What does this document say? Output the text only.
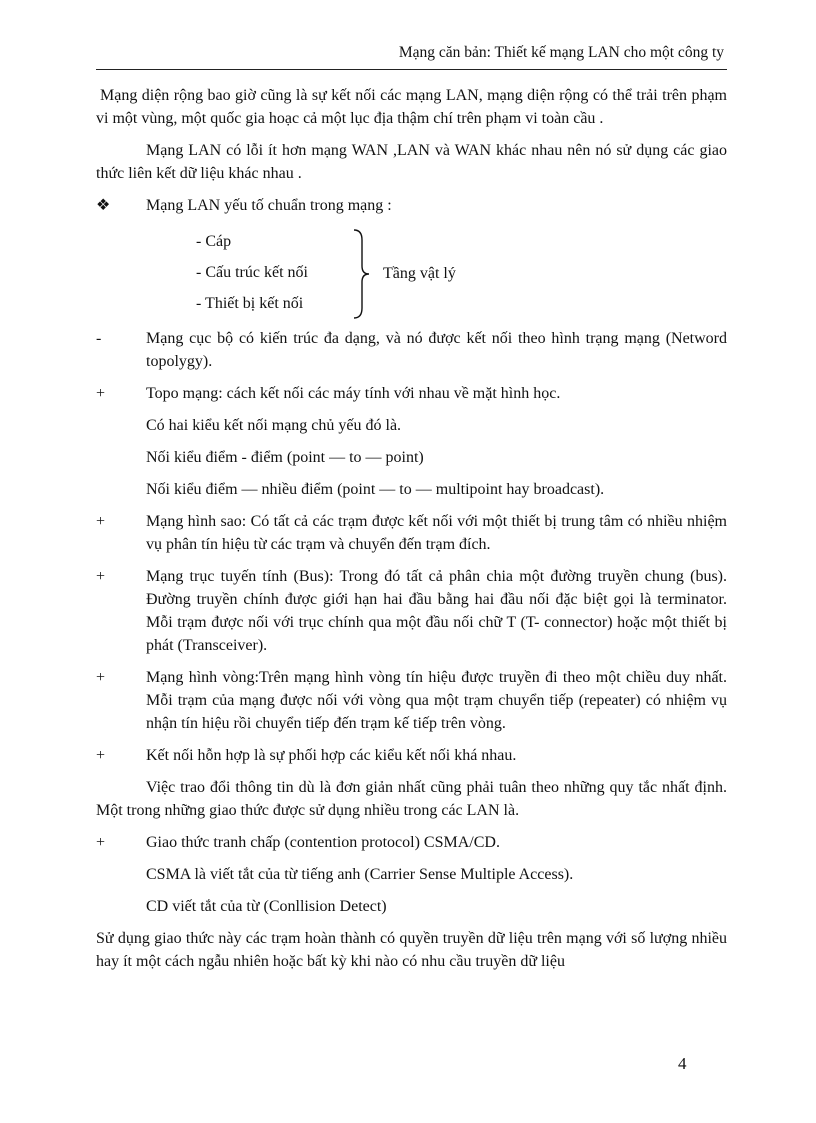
Mạng căn bản: Thiết kế mạng LAN cho một công ty

Mạng diện rộng bao giờ cũng là sự kết nối các mạng LAN, mạng diện rộng có thể trải trên phạm vi một vùng, một quốc gia hoạc cả một lục địa thậm chí trên phạm vi toàn cầu .

Mạng LAN có lỗi ít hơn mạng WAN ,LAN và WAN khác nhau nên nó sử dụng các giao thức liên kết dữ liệu khác nhau .

❖	Mạng LAN yếu tố chuẩn trong mạng :
- Cáp
- Cấu trúc kết nối
- Thiết bị kết nối
Tầng vật lý
-	Mạng cục bộ có kiến trúc đa dạng, và nó được kết nối theo hình trạng mạng (Netword topolygy).
+	Topo mạng: cách kết nối các máy tính với nhau về mặt hình học.
Có hai kiểu kết nối mạng chủ yếu đó là.
Nối kiểu điểm - điểm (point — to — point)
Nối kiểu điểm — nhiều điểm (point — to — multipoint hay broadcast).
+	Mạng hình sao: Có tất cả các trạm được kết nối với một thiết bị trung tâm có nhiều nhiệm vụ phân tín hiệu từ các trạm và chuyển đến trạm đích.
+	Mạng trục tuyến tính (Bus): Trong đó tất cả phân chia một đường truyền chung (bus). Đường truyền chính được giới hạn hai đầu bằng hai đầu nối đặc biệt gọi là terminator. Mỗi trạm được nối với trục chính qua một đầu nối chữ T (T- connector) hoặc một thiết bị phát (Transceiver).
+	Mạng hình vòng:Trên mạng hình vòng tín hiệu được truyền đi theo một chiều duy nhất. Mỗi trạm của mạng được nối với vòng qua một trạm chuyển tiếp (repeater) có nhiệm vụ nhận tín hiệu rồi chuyển tiếp đến trạm kế tiếp trên vòng.
+	Kết nối hỗn hợp là sự phối hợp các kiểu kết nối khá nhau.

Việc trao đổi thông tin dù là đơn giản nhất cũng phải tuân theo những quy tắc nhất định. Một trong những giao thức được sử dụng nhiều trong các LAN là.

+	Giao thức tranh chấp (contention protocol) CSMA/CD.
CSMA là viết tắt của từ tiếng anh (Carrier Sense Multiple Access).
CD viết tắt của từ (Conllision Detect)

Sử dụng giao thức này các trạm hoàn thành có quyền truyền dữ liệu trên mạng với số lượng nhiều hay ít một cách ngẫu nhiên hoặc bất kỳ khi nào có nhu cầu truyền dữ liệu

4
